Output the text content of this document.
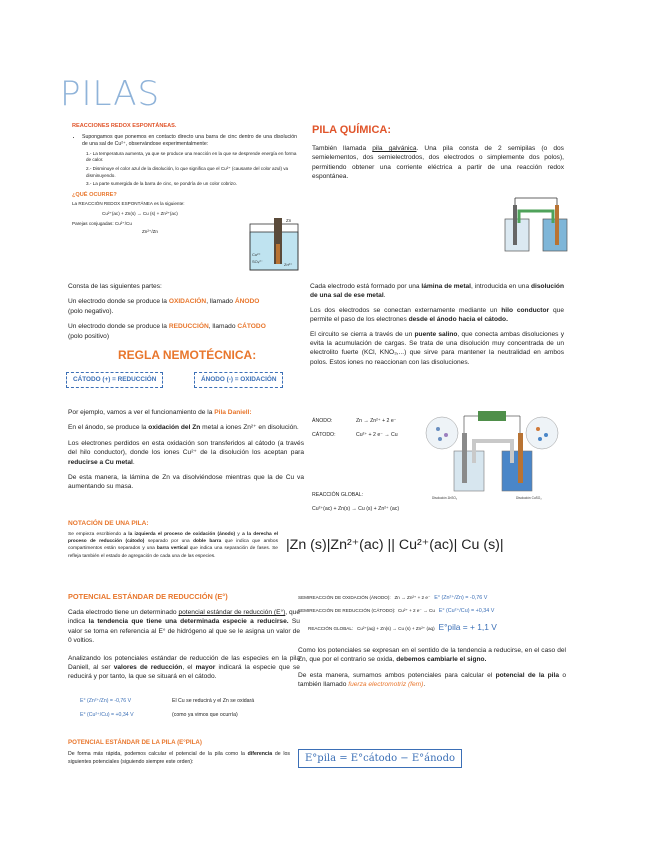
PILAS
REACCIONES REDOX ESPONTÁNEAS.
• Supongamos que ponemos en contacto directo una barra de cinc dentro de una disolución de una sal de Cu²⁺, observándose experimentalmente:
1.- La temperatura aumenta, ya que se produce una reacción en la que se desprende energía en forma de calor.
2.- Disminuye el color azul de la disolución, lo que significa que el Cu²⁺ (causante del color azul) va disminuyendo.
3.- La parte sumergida de la barra de cinc, se pondría de un color cobrizo.
¿QUÉ OCURRE?
La REACCIÓN REDOX ESPONTÁNEA es la siguiente:
Cu²⁺(ac) + Zn(s) → Cu (s) + Zn²⁺(ac)
Parejas conjugadas: Cu²⁺/Cu
Zn²⁺/Zn
Zn
Cu²⁺
SO₄²⁻
Zn²⁺
PILA QUÍMICA:
También llamada pila galvánica. Una pila consta de 2 semipilas (o dos semielementos, dos semielectrodos, dos electrodos o simplemente dos polos), permitiendo obtener una corriente eléctrica a partir de una reacción redox espontánea.
Consta de las siguientes partes:
Un electrodo donde se produce la OXIDACIÓN, llamado ÁNODO
(polo negativo).
Un electrodo donde se produce la REDUCCIÓN, llamado CÁTODO
(polo positivo)
REGLA NEMOTÉCNICA:
CÁTODO (+) = REDUCCIÓN	ÁNODO (-) = OXIDACIÓN
Cada electrodo está formado por una lámina de metal, introducida en una disolución de una sal de ese metal.
Los dos electrodos se conectan externamente mediante un hilo conductor que permite el paso de los electrones desde el ánodo hacia el cátodo.
El circuito se cierra a través de un puente salino, que conecta ambas disoluciones y evita la acumulación de cargas. Se trata de una disolución muy concentrada de un electrolito fuerte (KCl, KNO₃,...) que sirve para mantener la neutralidad en ambos polos. Estos iones no reaccionan con las disoluciones.
Por ejemplo, vamos a ver el funcionamiento de la Pila Daniell:
En el ánodo, se produce la oxidación del Zn metal a iones Zn²⁺ en disolución.
Los electrones perdidos en esta oxidación son transferidos al cátodo (a través del hilo conductor), donde los iones Cu²⁺ de la disolución los aceptan para reducirse a Cu metal.
De esta manera, la lámina de Zn va disolviéndose mientras que la de Cu va aumentando su masa.
ÁNODO:	Zn → Zn²⁺ + 2 e⁻
CÁTODO:	Cu²⁺ + 2 e⁻ → Cu
Disolución ZnSO₄	Disolución CuSO₄
REACCIÓN GLOBAL:
Cu²⁺(ac) + Zn(s) → Cu (s) + Zn²⁺ (ac)
NOTACIÓN DE UNA PILA:
Se empieza escribiendo a la izquierda el proceso de oxidación (ánodo) y a la derecha el proceso de reducción (cátodo) separado por una doble barra que indica que ambos compartimentos están separados y una barra vertical que indica una separación de fases. Se refleja también el estado de agregación de cada una de las especies.
|Zn (s)|Zn²⁺(ac) || Cu²⁺(ac)| Cu (s)|
POTENCIAL ESTÁNDAR DE REDUCCIÓN (E°)
Cada electrodo tiene un determinado potencial estándar de reducción (E°), que indica la tendencia que tiene una determinada especie a reducirse. Su valor se toma en referencia al E° de hidrógeno al que se le asigna un valor de 0 voltios.
Analizando los potenciales estándar de reducción de las especies en la pila Daniell, al ser valores de reducción, el mayor indicará la especie que se reducirá y por tanto, la que se situará en el cátodo.
E° (Zn²⁺/Zn) = -0,76 V	El Cu se reducirá y el Zn se oxidará
E° (Cu²⁺/Cu) = +0,34 V	(como ya vimos que ocurría)
SEMIREACCIÓN DE OXIDACIÓN (ÁNODO): Zn → Zn²⁺ + 2 e⁻ E° (Zn²⁺/Zn) = -0,76 V
SEMIREACCIÓN DE REDUCCIÓN (CÁTODO): Cu²⁺ + 2 e⁻ → Cu E° (Cu²⁺/Cu) = +0,34 V
REACCIÓN GLOBAL: Cu²⁺(aq) + Zn(s) → Cu (s) + Zn²⁺ (aq) E°pila = + 1,1 V
Como los potenciales se expresan en el sentido de la tendencia a reducirse, en el caso del Zn, que por el contrario se oxida, debemos cambiarle el signo.
De esta manera, sumamos ambos potenciales para calcular el potencial de la pila o también llamado fuerza electromotriz (fem).
POTENCIAL ESTÁNDAR DE LA PILA (E°PILA)
De forma más rápida, podemos calcular el potencial de la pila como la diferencia de los siguientes potenciales (siguiendo siempre este orden):	E°pila = E°cátodo − E°ánodo
